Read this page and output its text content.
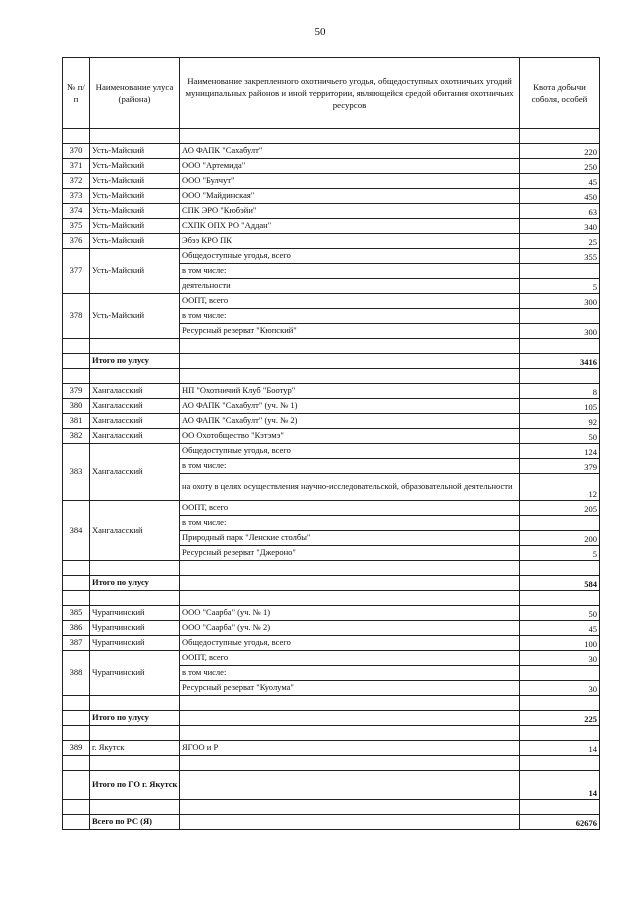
50
№ п/п	Наименование улуса (района)	Наименование закрепленного охотничьего угодья, общедоступных охотничьих угодий муниципальных районов и иной территории, являющейся средой обитания охотничьих ресурсов	Квота добычи соболя, особей

370	Усть-Майский	АО ФАПК "Сахабулт"	220
371	Усть-Майский	ООО "Артемида"	250
372	Усть-Майский	ООО "Булчут"	45
373	Усть-Майский	ООО "Майдинская"	450
374	Усть-Майский	СПК ЭРО "Кюбэйи"	63
375	Усть-Майский	СХПК ОПХ РО "Аддан"	340
376	Усть-Майский	Эбээ КРО ПК	25
377	Усть-Майский	Общедоступные угодья, всего	355
		в том числе:	
		деятельности	5
378	Усть-Майский	ООПТ, всего	300
		в том числе:	
		Ресурсный резерват "Кюпский"	300

	Итого по улусу		3416

379	Хангаласский	НП "Охотничий Клуб "Боотур"	8
380	Хангаласский	АО ФАПК "Сахабулт" (уч. № 1)	105
381	Хангаласский	АО ФАПК "Сахабулт" (уч. № 2)	92
382	Хангаласский	ОО Охотобщество "Кэтэмэ"	50
383	Хангаласский	Общедоступные угодья, всего	124
		в том числе:	379
		на охоту в целях осуществления научно-исследовательской, образовательной деятельности	12
384	Хангаласский	ООПТ, всего	205
		в том числе:	
		Природный парк "Ленские столбы"	200
		Ресурсный резерват "Джероно"	5

	Итого по улусу		584

385	Чурапчинский	ООО "Саарба" (уч. № 1)	50
386	Чурапчинский	ООО "Саарба" (уч. № 2)	45
387	Чурапчинский	Общедоступные угодья, всего	100
388	Чурапчинский	ООПТ, всего	30
		в том числе:	
		Ресурсный резерват "Куолума"	30

	Итого по улусу		225

389	г. Якутск	ЯГОО и Р	14

	Итого по ГО г. Якутск		14

	Всего по РС (Я)		62676
